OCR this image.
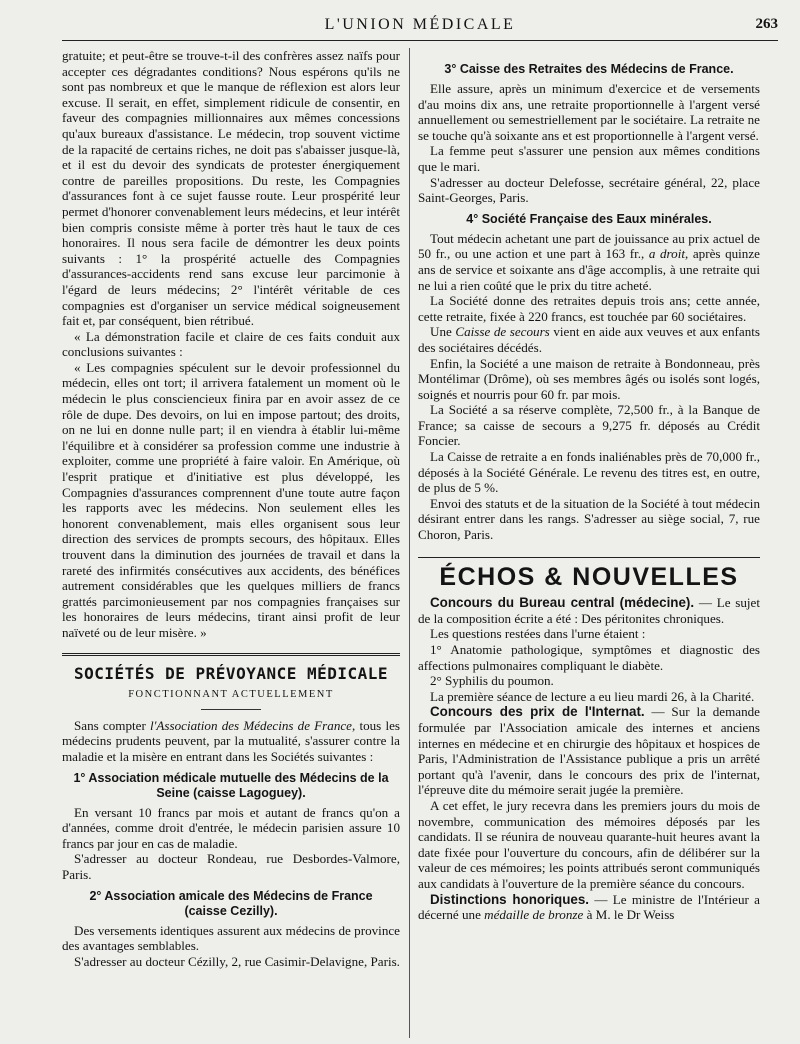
L'UNION MÉDICALE	263

gratuite; et peut-être se trouve-t-il des confrères assez naïfs pour accepter ces dégradantes conditions? Nous espérons qu'ils ne sont pas nombreux et que le manque de réflexion est alors leur excuse. Il serait, en effet, simplement ridicule de consentir, en faveur des compagnies millionnaires aux mêmes concessions qu'aux bureaux d'assistance. Le médecin, trop souvent victime de la rapacité de certains riches, ne doit pas s'abaisser jusque-là, et il est du devoir des syndicats de protester énergiquement contre de pareilles propositions. Du reste, les Compagnies d'assurances font à ce sujet fausse route. Leur prospérité leur permet d'honorer convenablement leurs médecins, et leur intérêt bien compris consiste même à porter très haut le taux de ces honoraires. Il nous sera facile de démontrer les deux points suivants : 1° la prospérité actuelle des Compagnies d'assurances-accidents rend sans excuse leur parcimonie à l'égard de leurs médecins; 2° l'intérêt véritable de ces compagnies est d'organiser un service médical soigneusement fait et, par conséquent, bien rétribué.

« La démonstration facile et claire de ces faits conduit aux conclusions suivantes :

« Les compagnies spéculent sur le devoir professionnel du médecin, elles ont tort; il arrivera fatalement un moment où le médecin le plus consciencieux finira par en avoir assez de ce rôle de dupe. Des devoirs, on lui en impose partout; des droits, on ne lui en donne nulle part; il en viendra à établir lui-même l'équilibre et à considérer sa profession comme une industrie à exploiter, comme une propriété à faire valoir. En Amérique, où l'esprit pratique et d'initiative est plus développé, les Compagnies d'assurances comprennent d'une toute autre façon les rapports avec les médecins. Non seulement elles les honorent convenablement, mais elles organisent sous leur direction des services de prompts secours, des hôpitaux. Elles trouvent dans la diminution des journées de travail et dans la rareté des infirmités consécutives aux accidents, des bénéfices autrement considérables que les quelques milliers de francs grattés parcimonieusement par nos compagnies françaises sur les honoraires de leurs médecins, tirant ainsi profit de leur naïveté ou de leur misère. »

SOCIÉTÉS DE PRÉVOYANCE MÉDICALE
FONCTIONNANT ACTUELLEMENT

Sans compter l'Association des Médecins de France, tous les médecins prudents peuvent, par la mutualité, s'assurer contre la maladie et la misère en entrant dans les Sociétés suivantes :

1° Association médicale mutuelle des Médecins de la Seine (caisse Lagoguey).

En versant 10 francs par mois et autant de francs qu'on a d'années, comme droit d'entrée, le médecin parisien assure 10 francs par jour en cas de maladie.

S'adresser au docteur Rondeau, rue Desbordes-Valmore, Paris.

2° Association amicale des Médecins de France (caisse Cezilly).

Des versements identiques assurent aux médecins de province des avantages semblables.

S'adresser au docteur Cézilly, 2, rue Casimir-Delavigne, Paris.

3° Caisse des Retraites des Médecins de France.

Elle assure, après un minimum d'exercice et de versements d'au moins dix ans, une retraite proportionnelle à l'argent versé annuellement ou semestriellement par le sociétaire. La retraite ne se touche qu'à soixante ans et est proportionnelle à l'argent versé.

La femme peut s'assurer une pension aux mêmes conditions que le mari.

S'adresser au docteur Delefosse, secrétaire général, 22, place Saint-Georges, Paris.

4° Société Française des Eaux minérales.

Tout médecin achetant une part de jouissance au prix actuel de 50 fr., ou une action et une part à 163 fr., a droit, après quinze ans de service et soixante ans d'âge accomplis, à une retraite qui ne lui a rien coûté que le prix du titre acheté.

La Société donne des retraites depuis trois ans; cette année, cette retraite, fixée à 220 francs, est touchée par 60 sociétaires.

Une Caisse de secours vient en aide aux veuves et aux enfants des sociétaires décédés.

Enfin, la Société a une maison de retraite à Bondonneau, près Montélimar (Drôme), où ses membres âgés ou isolés sont logés, soignés et nourris pour 60 fr. par mois.

La Société a sa réserve complète, 72,500 fr., à la Banque de France; sa caisse de secours a 9,275 fr. déposés au Crédit Foncier.

La Caisse de retraite a en fonds inaliénables près de 70,000 fr., déposés à la Société Générale. Le revenu des titres est, en outre, de plus de 5 %.

Envoi des statuts et de la situation de la Société à tout médecin désirant entrer dans les rangs. S'adresser au siège social, 7, rue Choron, Paris.

ÉCHOS & NOUVELLES

Concours du Bureau central (médecine). — Le sujet de la composition écrite a été : Des péritonites chroniques.

Les questions restées dans l'urne étaient :

1° Anatomie pathologique, symptômes et diagnostic des affections pulmonaires compliquant le diabète.

2° Syphilis du poumon.

La première séance de lecture a eu lieu mardi 26, à la Charité.

Concours des prix de l'Internat. — Sur la demande formulée par l'Association amicale des internes et anciens internes en médecine et en chirurgie des hôpitaux et hospices de Paris, l'Administration de l'Assistance publique a pris un arrêté portant qu'à l'avenir, dans le concours des prix de l'internat, l'épreuve dite du mémoire serait jugée la première.

A cet effet, le jury recevra dans les premiers jours du mois de novembre, communication des mémoires déposés par les candidats. Il se réunira de nouveau quarante-huit heures avant la date fixée pour l'ouverture du concours, afin de délibérer sur la valeur de ces mémoires; les points attribués seront communiqués aux candidats à l'ouverture de la première séance du concours.

Distinctions honoriques. — Le ministre de l'Intérieur a décerné une médaille de bronze à M. le Dr Weiss
